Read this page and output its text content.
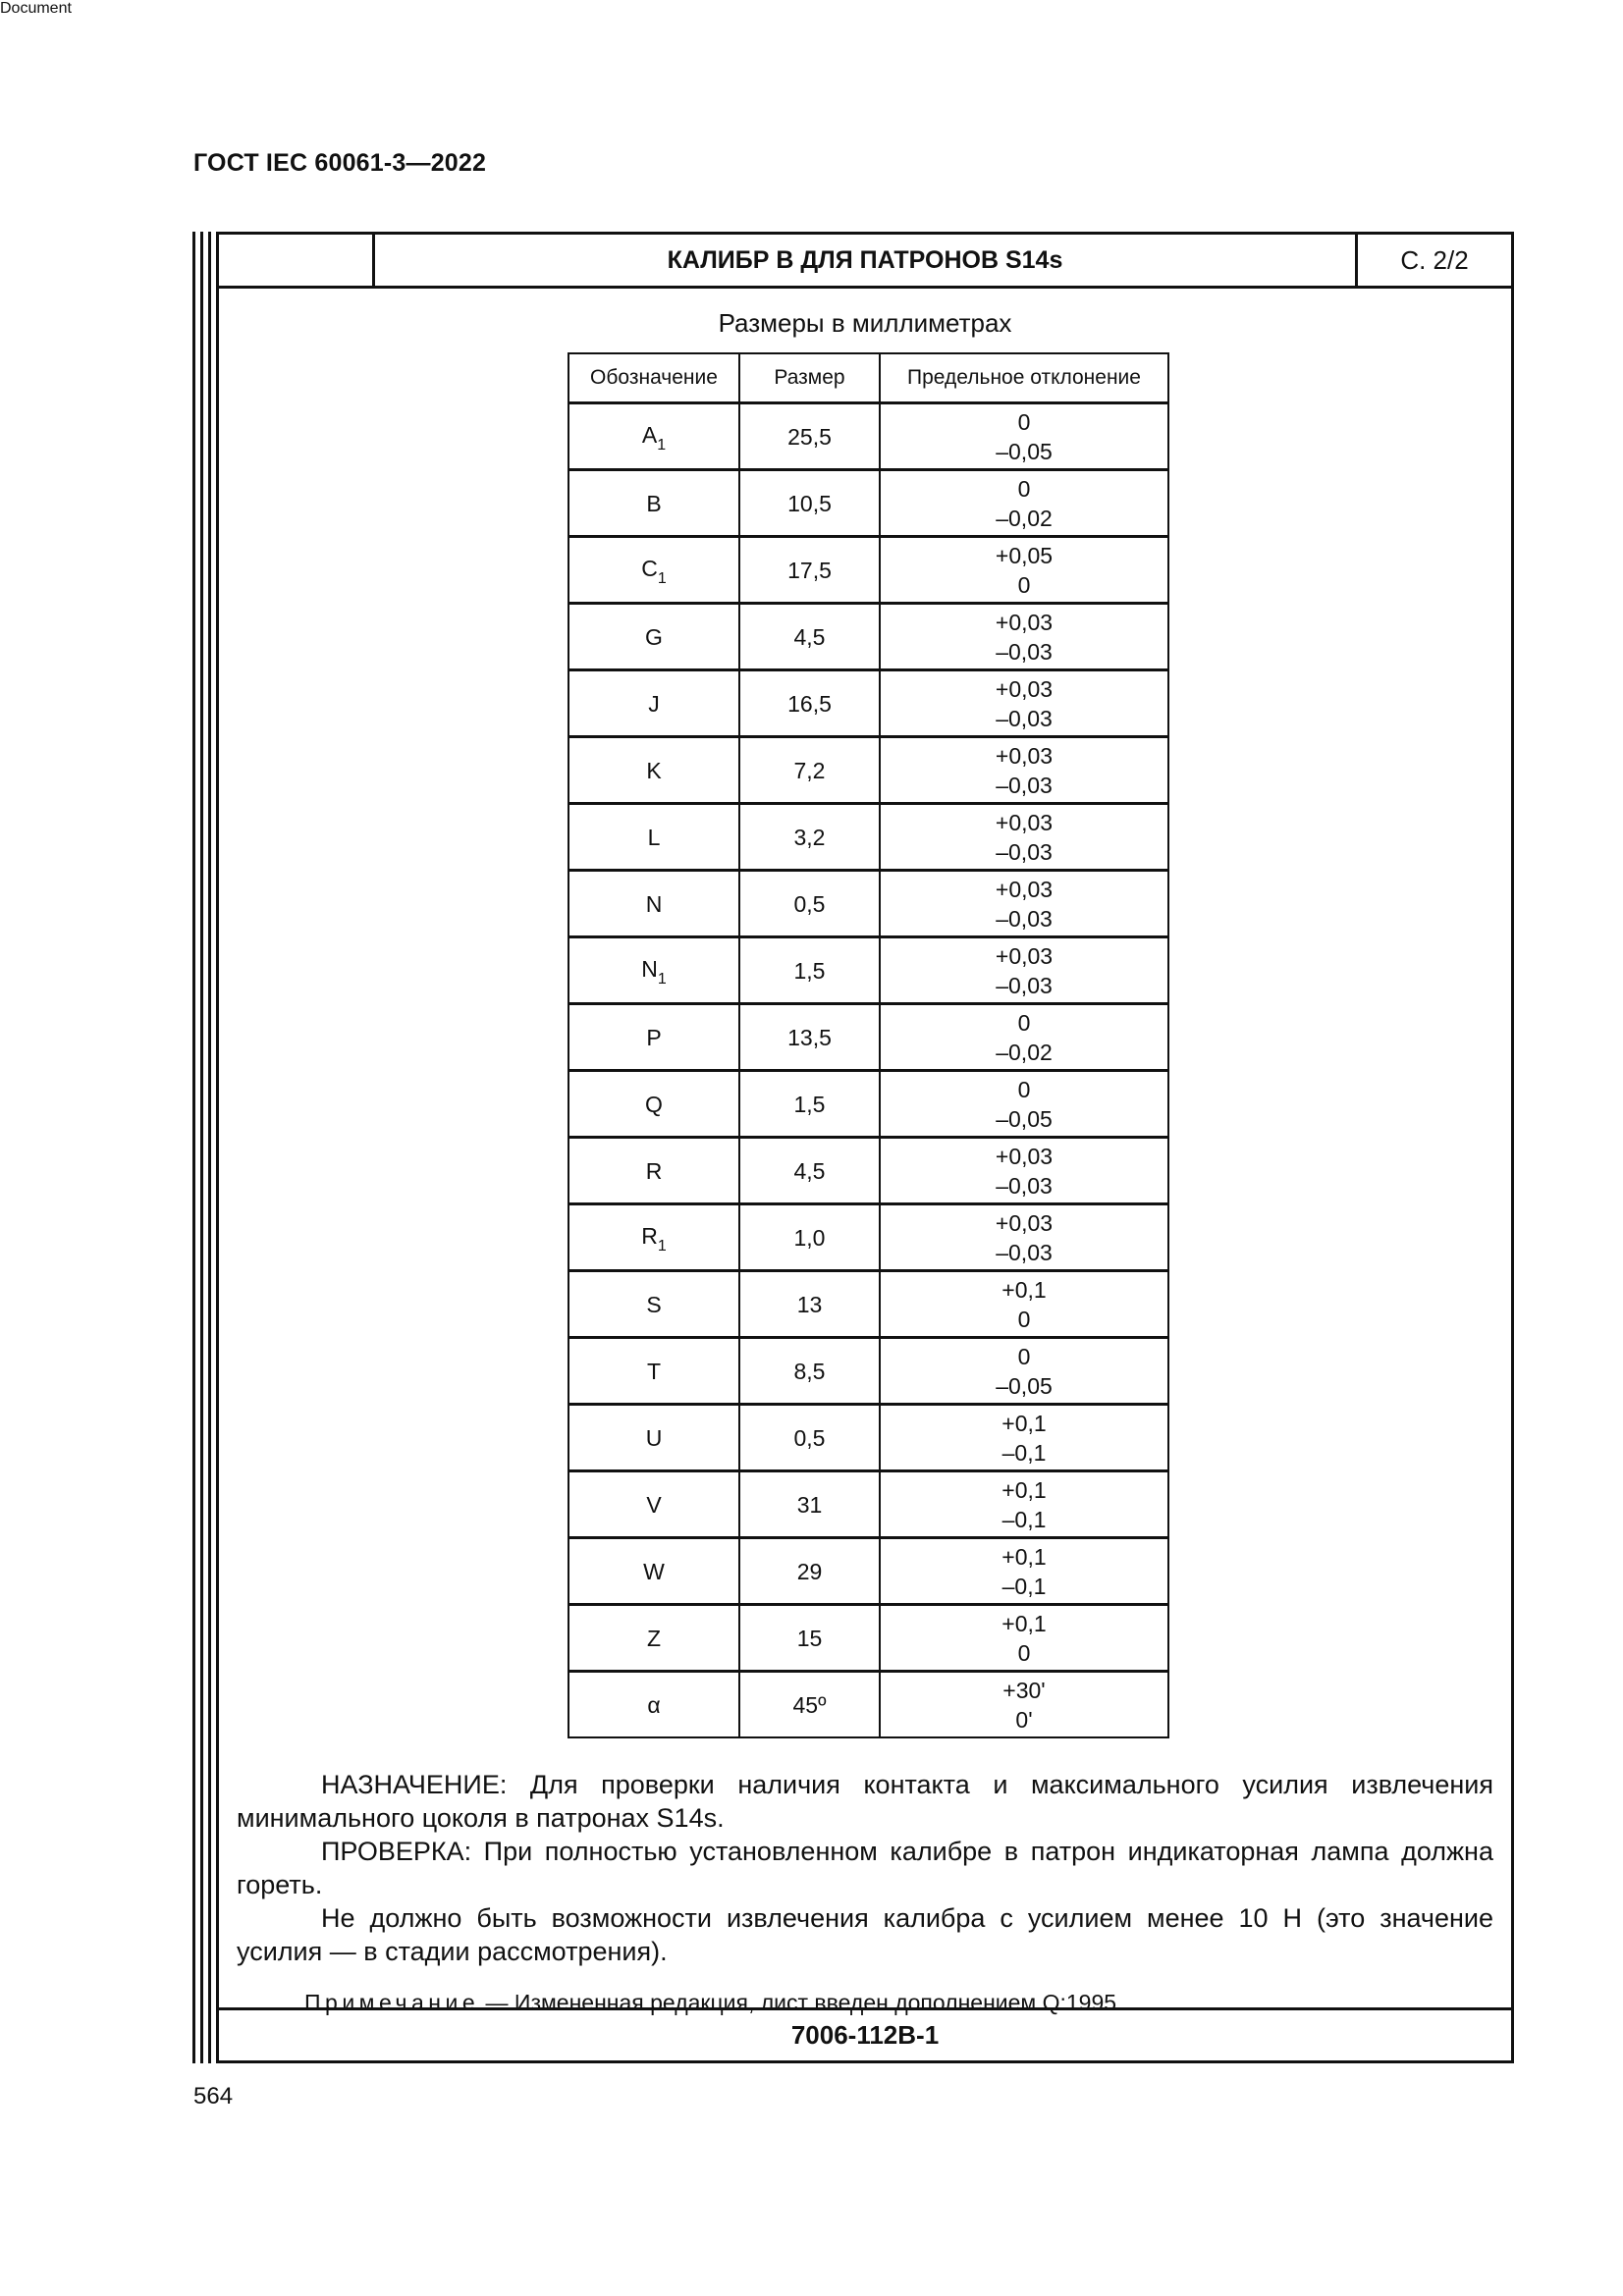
Document
ГОСТ IEC 60061-3—2022
КАЛИБР В ДЛЯ ПАТРОНОВ S14s	С. 2/2
Размеры в миллиметрах
Обозначение	Размер	Предельное отклонение
$A_1$	25,5	0
–0,05

B	10,5	0
–0,02

$C_1$	17,5	+0,05
0

G	4,5	+0,03
–0,03

J	16,5	+0,03
–0,03

K	7,2	+0,03
–0,03

L	3,2	+0,03
–0,03

N	0,5	+0,03
–0,03

$N_1$	1,5	+0,03
–0,03

P	13,5	0
–0,02

Q	1,5	0
–0,05

R	4,5	+0,03
–0,03

$R_1$	1,0	+0,03
–0,03

S	13	+0,1
0

T	8,5	0
–0,05

U	0,5	+0,1
–0,1

V	31	+0,1
–0,1

W	29	+0,1
–0,1

Z	15	+0,1
0

α	45º	+30'
0'

НАЗНАЧЕНИЕ: Для проверки наличия контакта и максимального усилия извлечения минимального цоколя в патронах S14s.

ПРОВЕРКА: При полностью установленном калибре в патрон индикаторная лампа должна гореть.

Не должно быть возможности извлечения калибра с усилием менее 10 Н (это значение усилия — в стадии рассмотрения).

Примечание — Измененная редакция, лист введен дополнением Q:1995.
7006-112B-1
564
